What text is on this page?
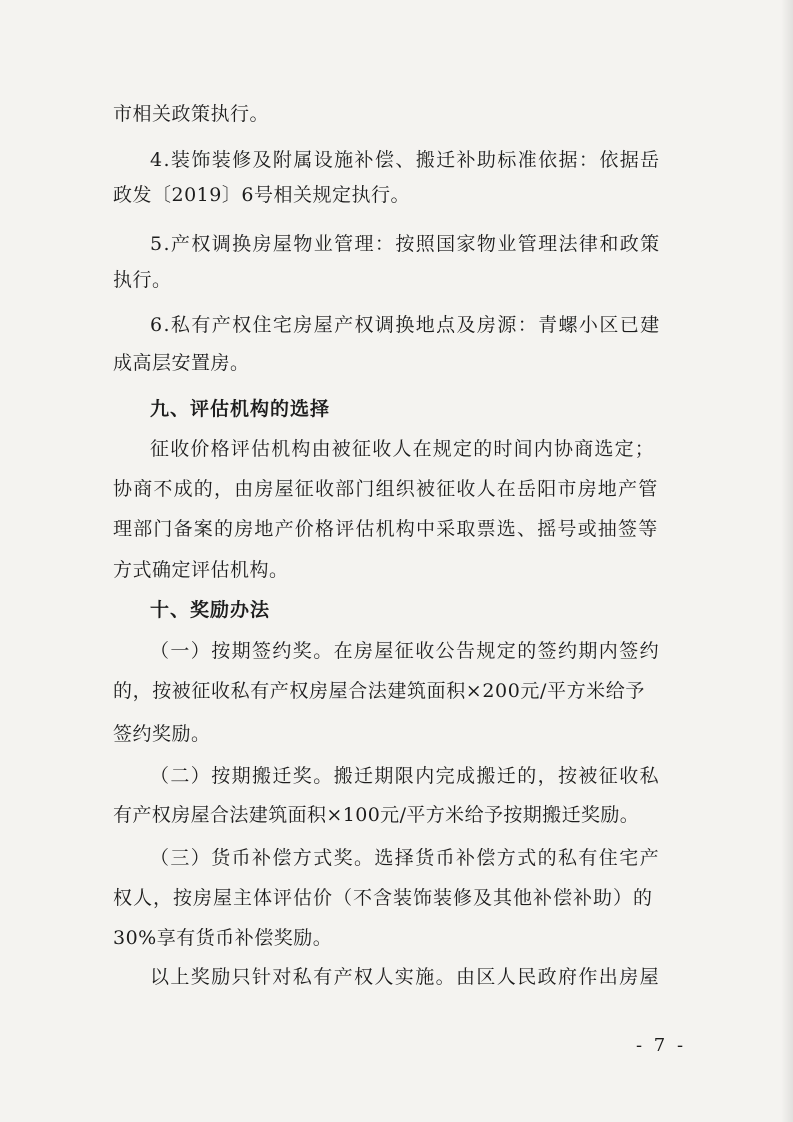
市相关政策执行。
4.装饰装修及附属设施补偿、搬迁补助标准依据：依据岳
政发〔2019〕6号相关规定执行。
5.产权调换房屋物业管理：按照国家物业管理法律和政策
执行。
6.私有产权住宅房屋产权调换地点及房源：青螺小区已建
成高层安置房。
九、评估机构的选择
征收价格评估机构由被征收人在规定的时间内协商选定；
协商不成的，由房屋征收部门组织被征收人在岳阳市房地产管
理部门备案的房地产价格评估机构中采取票选、摇号或抽签等
方式确定评估机构。
十、奖励办法
（一）按期签约奖。在房屋征收公告规定的签约期内签约
的，按被征收私有产权房屋合法建筑面积×200元/平方米给予
签约奖励。
（二）按期搬迁奖。搬迁期限内完成搬迁的，按被征收私
有产权房屋合法建筑面积×100元/平方米给予按期搬迁奖励。
（三）货币补偿方式奖。选择货币补偿方式的私有住宅产
权人，按房屋主体评估价（不含装饰装修及其他补偿补助）的
30%享有货币补偿奖励。
以上奖励只针对私有产权人实施。由区人民政府作出房屋
- 7 -
